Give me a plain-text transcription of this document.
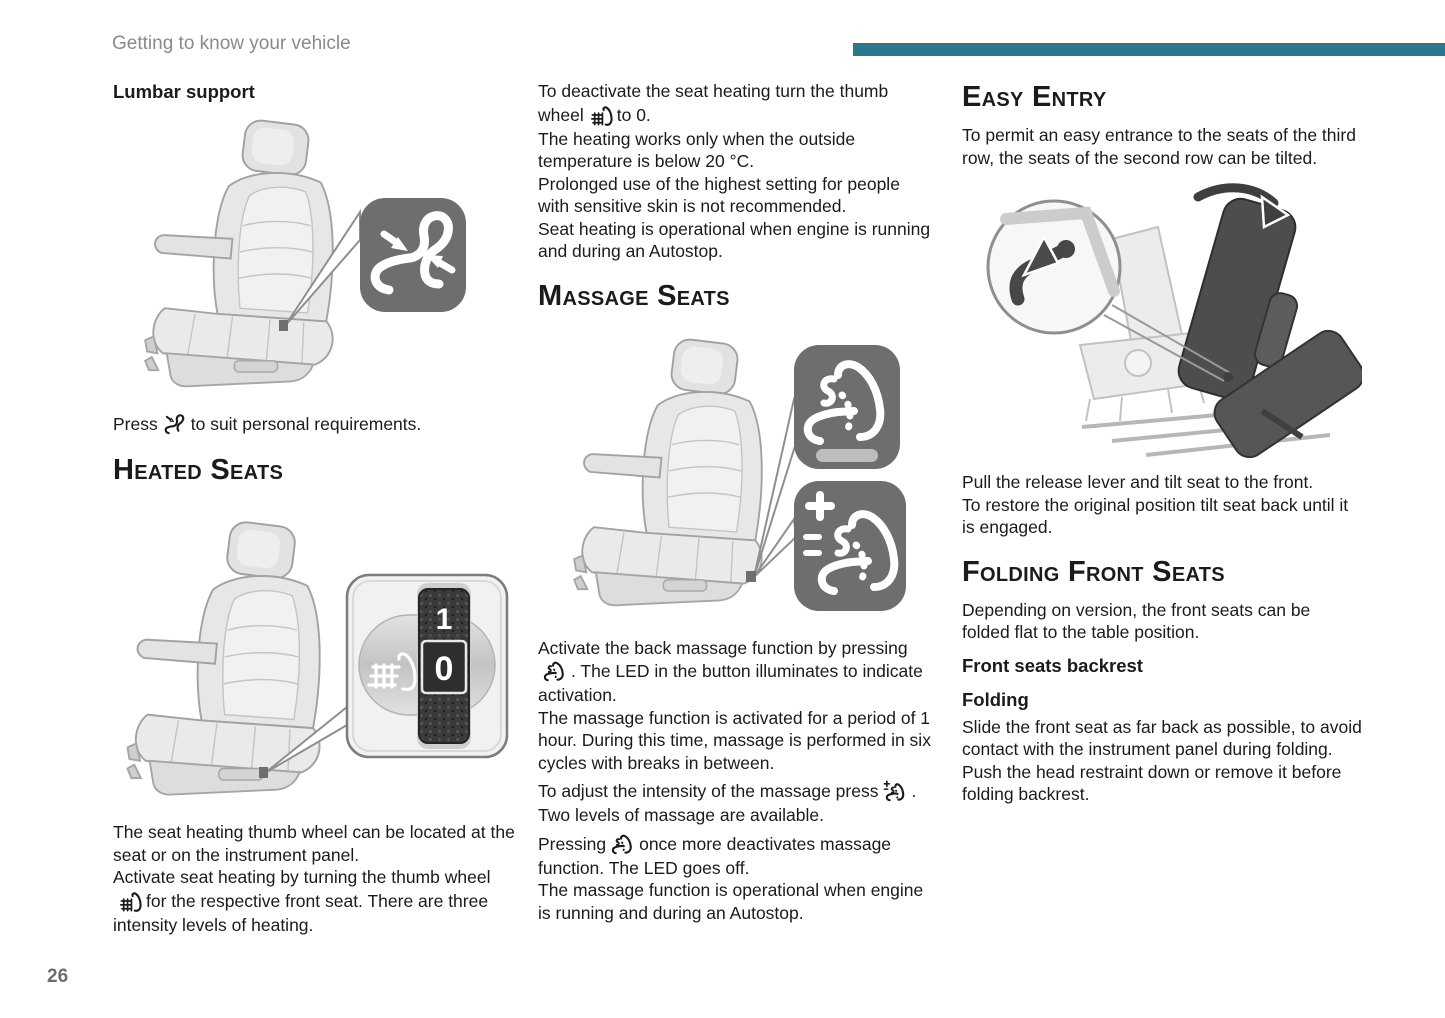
Getting to know your vehicle
Lumbar support

Press to suit personal requirements.

Heated Seats
1
0

The seat heating thumb wheel can be located at the seat or on the instrument panel.

Activate seat heating by turning the thumb wheelfor the respective front seat. There are three intensity levels of heating.

To deactivate the seat heating turn the thumb wheel to 0.

The heating works only when the outside temperature is below 20 °C.

Prolonged use of the highest setting for people with sensitive skin is not recommended.

Seat heating is operational when engine is running and during an Autostop.

Massage Seats

Activate the back massage function by pressing. The LED in the button illuminates to indicate activation.

The massage function is activated for a period of 1 hour. During this time, massage is performed in six cycles with breaks in between.

To adjust the intensity of the massage press . Two levels of massage are available.

Pressing once more deactivates massage function. The LED goes off.

The massage function is operational when engine is running and during an Autostop.

Easy Entry

To permit an easy entrance to the seats of the third row, the seats of the second row can be tilted.

Pull the release lever and tilt seat to the front.

To restore the original position tilt seat back until it is engaged.

Folding Front Seats

Depending on version, the front seats can be folded flat to the table position.

Front seats backrest
Folding

Slide the front seat as far back as possible, to avoid contact with the instrument panel during folding.

Push the head restraint down or remove it before folding backrest.

26
